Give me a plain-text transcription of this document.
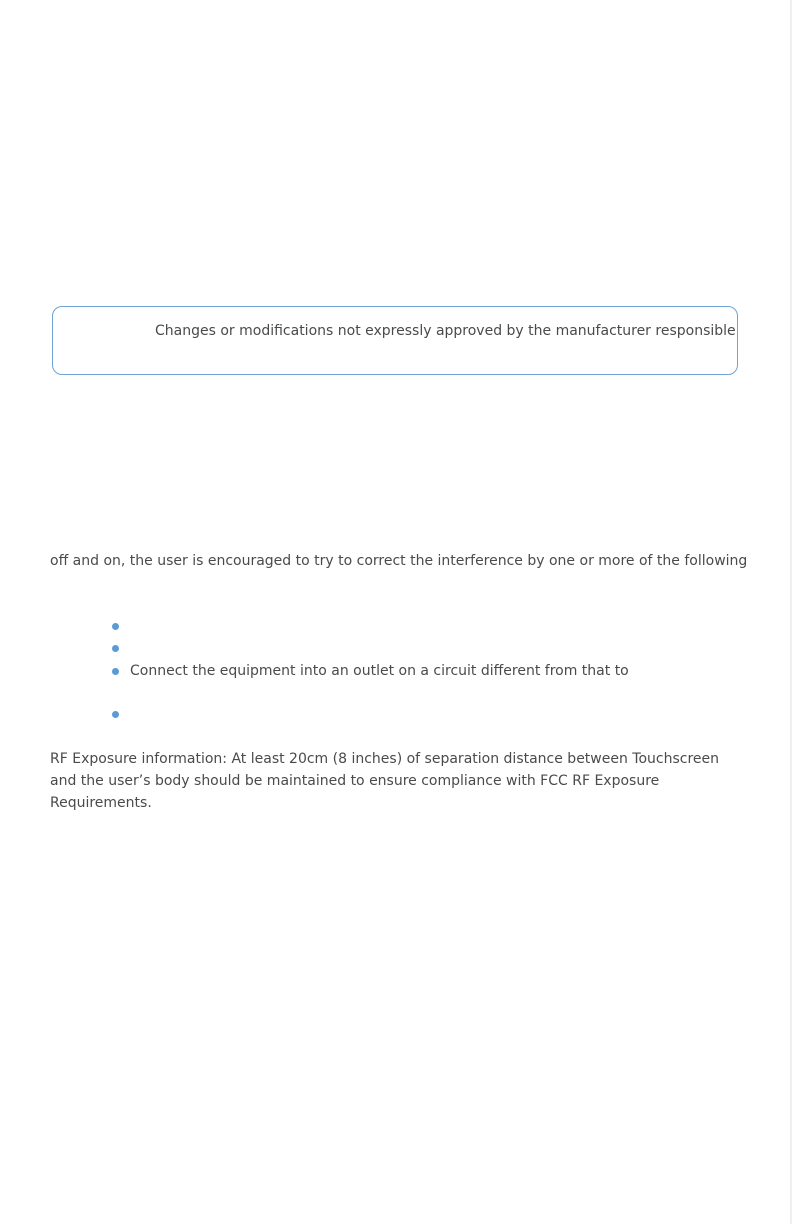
Changes or modifications not expressly approved by the manufacturer responsible
off and on, the user is encouraged to try to correct the interference by one or more of the following
Connect the equipment into an outlet on a circuit different from that to
RF Exposure information: At least 20cm (8 inches) of separation distance between Touchscreen
and the user’s body should be maintained to ensure compliance with FCC RF Exposure
Requirements.
